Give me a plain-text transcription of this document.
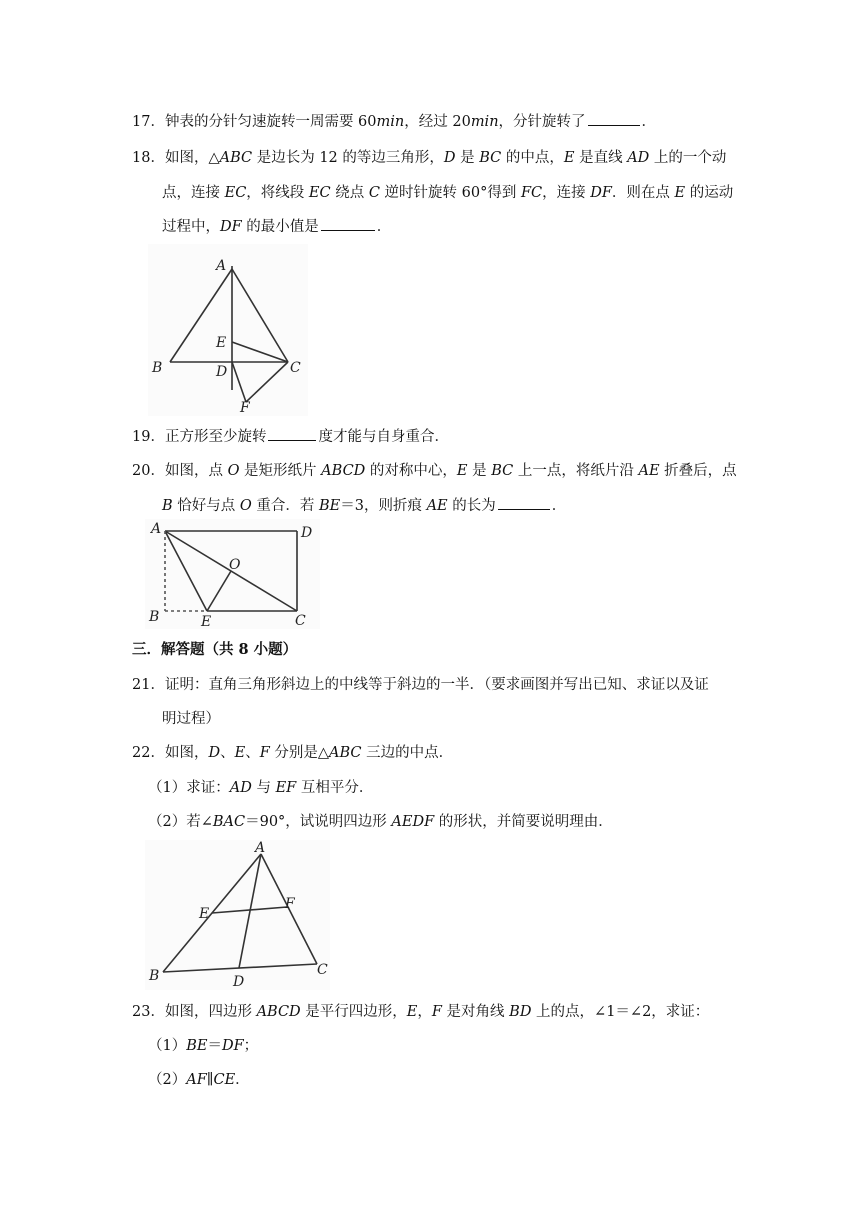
17．钟表的分针匀速旋转一周需要 60min，经过 20min，分针旋转了	．
18．如图，△ABC 是边长为 12 的等边三角形，D 是 BC 的中点，E 是直线 AD 上的一个动
点，连接 EC，将线段 EC 绕点 C 逆时针旋转 60°得到 FC，连接 DF．则在点 E 的运动
过程中，DF 的最小值是	．
A
B	C
D
E
F
19．正方形至少旋转	度才能与自身重合．
20．如图，点 O 是矩形纸片 ABCD 的对称中心，E 是 BC 上一点，将纸片沿 AE 折叠后，点
B 恰好与点 O 重合．若 BE＝3，则折痕 AE 的长为	．
A	D
B	E	C
O
三．解答题（共 8 小题）
21．证明：直角三角形斜边上的中线等于斜边的一半．（要求画图并写出已知、求证以及证
明过程）
22．如图，D、E、F 分别是△ABC 三边的中点．
（1）求证：AD 与 EF 互相平分．
（2）若∠BAC＝90°，试说明四边形 AEDF 的形状，并简要说明理由．
A
E
F
B	C
D
23．如图，四边形 ABCD 是平行四边形，E，F 是对角线 BD 上的点，∠1＝∠2，求证：
（1）BE＝DF；
（2）AF∥CE．
